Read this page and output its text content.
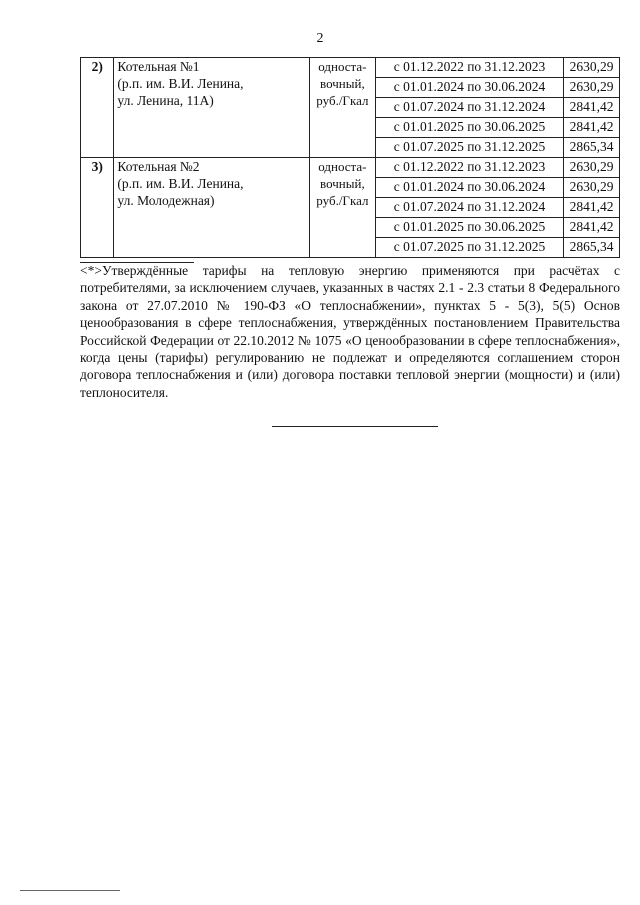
2
2)	Котельная №1
(р.п. им. В.И. Ленина,
ул. Ленина, 11А)	односта-
вочный,
руб./Гкал	с 01.12.2022 по 31.12.2023	2630,29
			с 01.01.2024 по 30.06.2024	2630,29
			с 01.07.2024 по 31.12.2024	2841,42
			с 01.01.2025 по 30.06.2025	2841,42
			с 01.07.2025 по 31.12.2025	2865,34
3)	Котельная №2
(р.п. им. В.И. Ленина,
ул. Молодежная)	односта-
вочный,
руб./Гкал	с 01.12.2022 по 31.12.2023	2630,29
			с 01.01.2024 по 30.06.2024	2630,29
			с 01.07.2024 по 31.12.2024	2841,42
			с 01.01.2025 по 30.06.2025	2841,42
			с 01.07.2025 по 31.12.2025	2865,34

<*>Утверждённые тарифы на тепловую энергию применяются при расчётах с потребителями, за исключением случаев, указанных в частях 2.1 - 2.3 статьи 8 Федерального закона от 27.07.2010 № 190-ФЗ «О теплоснабжении», пунктах 5 - 5(3), 5(5) Основ ценообразования в сфере теплоснабжения, утверждённых постановлением Правительства Российской Федерации от 22.10.2012 № 1075 «О ценообразовании в сфере теплоснабжения», когда цены (тарифы) регулированию не подлежат и определяются соглашением сторон договора теплоснабжения и (или) договора поставки тепловой энергии (мощности) и (или) теплоносителя.
